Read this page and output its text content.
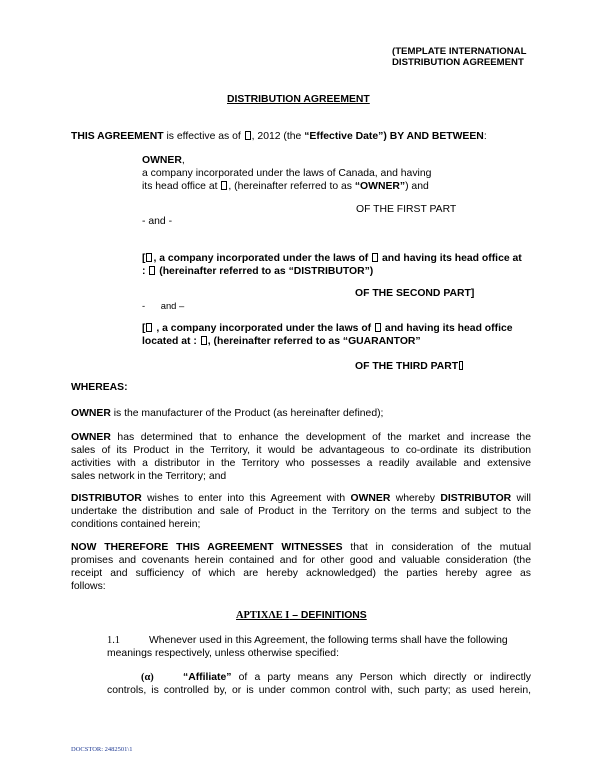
(TEMPLATE INTERNATIONAL
DISTRIBUTION AGREEMENT
DISTRIBUTION AGREEMENT
THIS AGREEMENT is effective as of , 2012 (the “Effective Date”) BY AND BETWEEN:
OWNER,
a company incorporated under the laws of Canada, and having
its head office at , (hereinafter referred to as “OWNER”) and
OF THE FIRST PART
- and -
[ , a company incorporated under the laws of  and having its head office at
:  (hereinafter referred to as “DISTRIBUTOR”)
OF THE SECOND PART]
-      and –
[ , a company incorporated under the laws of  and having its head office
located at : , (hereinafter referred to as “GUARANTOR”
OF THE THIRD PART
WHEREAS:
OWNER is the manufacturer of the Product (as hereinafter defined);
OWNER has determined that to enhance the development of the market and increase the
sales of its Product in the Territory, it would be advantageous to co-ordinate its distribution
activities with a distributor in the Territory who possesses a readily available and extensive
sales network in the Territory; and
DISTRIBUTOR wishes to enter into this Agreement with OWNER whereby DISTRIBUTOR will
undertake the distribution and sale of Product in the Territory on the terms and subject to the
conditions contained herein;
NOW THEREFORE THIS AGREEMENT WITNESSES that in consideration of the mutual
promises and covenants herein contained and for other good and valuable consideration (the
receipt and sufficiency of which are hereby acknowledged) the parties hereby agree as
follows:
ΑΡΤΙΧΛΕ Ι – DEFINITIONS
1.1	Whenever used in this Agreement, the following terms shall have the following
meanings respectively, unless otherwise specified:
(α)	“Affiliate” of a party means any Person which directly or indirectly
controls, is controlled by, or is under common control with, such party; as used herein,
DOCSTOR: 2482501\1
